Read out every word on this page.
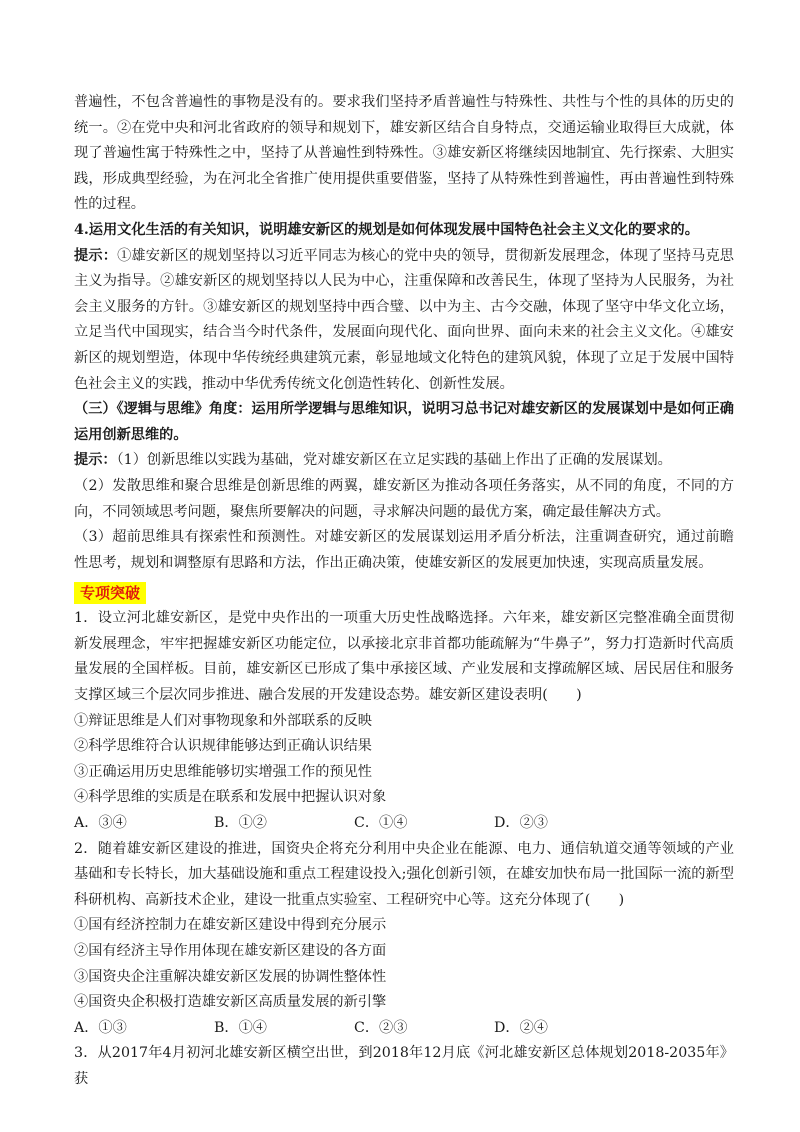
普遍性，不包含普遍性的事物是没有的。要求我们坚持矛盾普遍性与特殊性、共性与个性的具体的历史的统一。②在党中央和河北省政府的领导和规划下，雄安新区结合自身特点，交通运输业取得巨大成就，体现了普遍性寓于特殊性之中，坚持了从普遍性到特殊性。③雄安新区将继续因地制宜、先行探索、大胆实践，形成典型经验，为在河北全省推广使用提供重要借鉴，坚持了从特殊性到普遍性，再由普遍性到特殊性的过程。

4.运用文化生活的有关知识，说明雄安新区的规划是如何体现发展中国特色社会主义文化的要求的。

提示：①雄安新区的规划坚持以习近平同志为核心的党中央的领导，贯彻新发展理念，体现了坚持马克思主义为指导。②雄安新区的规划坚持以人民为中心，注重保障和改善民生，体现了坚持为人民服务，为社会主义服务的方针。③雄安新区的规划坚持中西合璧、以中为主、古今交融，体现了坚守中华文化立场，立足当代中国现实，结合当今时代条件，发展面向现代化、面向世界、面向未来的社会主义文化。④雄安新区的规划塑造，体现中华传统经典建筑元素，彰显地域文化特色的建筑风貌，体现了立足于发展中国特色社会主义的实践，推动中华优秀传统文化创造性转化、创新性发展。

（三）《逻辑与思维》角度：运用所学逻辑与思维知识，说明习总书记对雄安新区的发展谋划中是如何正确运用创新思维的。

提示：（1）创新思维以实践为基础，党对雄安新区在立足实践的基础上作出了正确的发展谋划。

（2）发散思维和聚合思维是创新思维的两翼，雄安新区为推动各项任务落实，从不同的角度，不同的方向，不同领域思考问题，聚焦所要解决的问题，寻求解决问题的最优方案，确定最佳解决方式。

（3）超前思维具有探索性和预测性。对雄安新区的发展谋划运用矛盾分析法，注重调查研究，通过前瞻性思考，规划和调整原有思路和方法，作出正确决策，使雄安新区的发展更加快速，实现高质量发展。

专项突破

1．设立河北雄安新区，是党中央作出的一项重大历史性战略选择。六年来，雄安新区完整准确全面贯彻新发展理念，牢牢把握雄安新区功能定位，以承接北京非首都功能疏解为“牛鼻子”，努力打造新时代高质量发展的全国样板。目前，雄安新区已形成了集中承接区域、产业发展和支撑疏解区域、居民居住和服务支撑区域三个层次同步推进、融合发展的开发建设态势。雄安新区建设表明(　　)

①辩证思维是人们对事物现象和外部联系的反映

②科学思维符合认识规律能够达到正确认识结果

③正确运用历史思维能够切实增强工作的预见性

④科学思维的实质是在联系和发展中把握认识对象

A．③④	B．①②	C．①④	D．②③

2．随着雄安新区建设的推进，国资央企将充分利用中央企业在能源、电力、通信轨道交通等领域的产业基础和专长特长，加大基础设施和重点工程建设投入;强化创新引领，在雄安加快布局一批国际一流的新型科研机构、高新技术企业，建设一批重点实验室、工程研究中心等。这充分体现了(　　)

①国有经济控制力在雄安新区建设中得到充分展示

②国有经济主导作用体现在雄安新区建设的各方面

③国资央企注重解决雄安新区发展的协调性整体性

④国资央企积极打造雄安新区高质量发展的新引擎

A．①③	B．①④	C．②③	D．②④

3．从2017年4月初河北雄安新区横空出世，到2018年12月底《河北雄安新区总体规划2018-2035年》获
